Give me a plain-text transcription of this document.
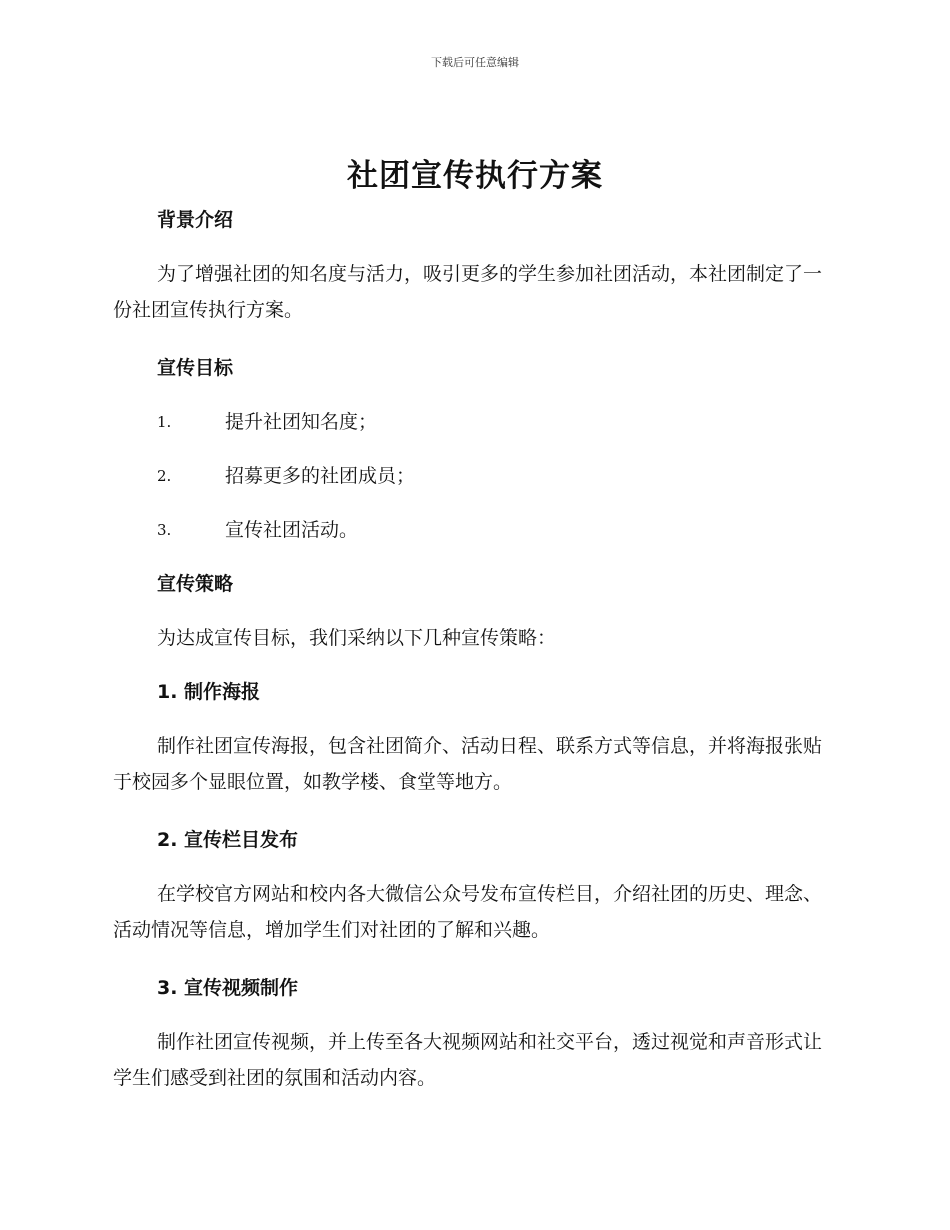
下载后可任意编辑
社团宣传执行方案

背景介绍

为了增强社团的知名度与活力，吸引更多的学生参加社团活动，本社团制定了一份社团宣传执行方案。

宣传目标

1.	提升社团知名度；
2.	招募更多的社团成员；
3.	宣传社团活动。

宣传策略

为达成宣传目标，我们采纳以下几种宣传策略：

1. 制作海报

制作社团宣传海报，包含社团简介、活动日程、联系方式等信息，并将海报张贴于校园多个显眼位置，如教学楼、食堂等地方。

2. 宣传栏目发布

在学校官方网站和校内各大微信公众号发布宣传栏目，介绍社团的历史、理念、活动情况等信息，增加学生们对社团的了解和兴趣。

3. 宣传视频制作

制作社团宣传视频，并上传至各大视频网站和社交平台，透过视觉和声音形式让学生们感受到社团的氛围和活动内容。
